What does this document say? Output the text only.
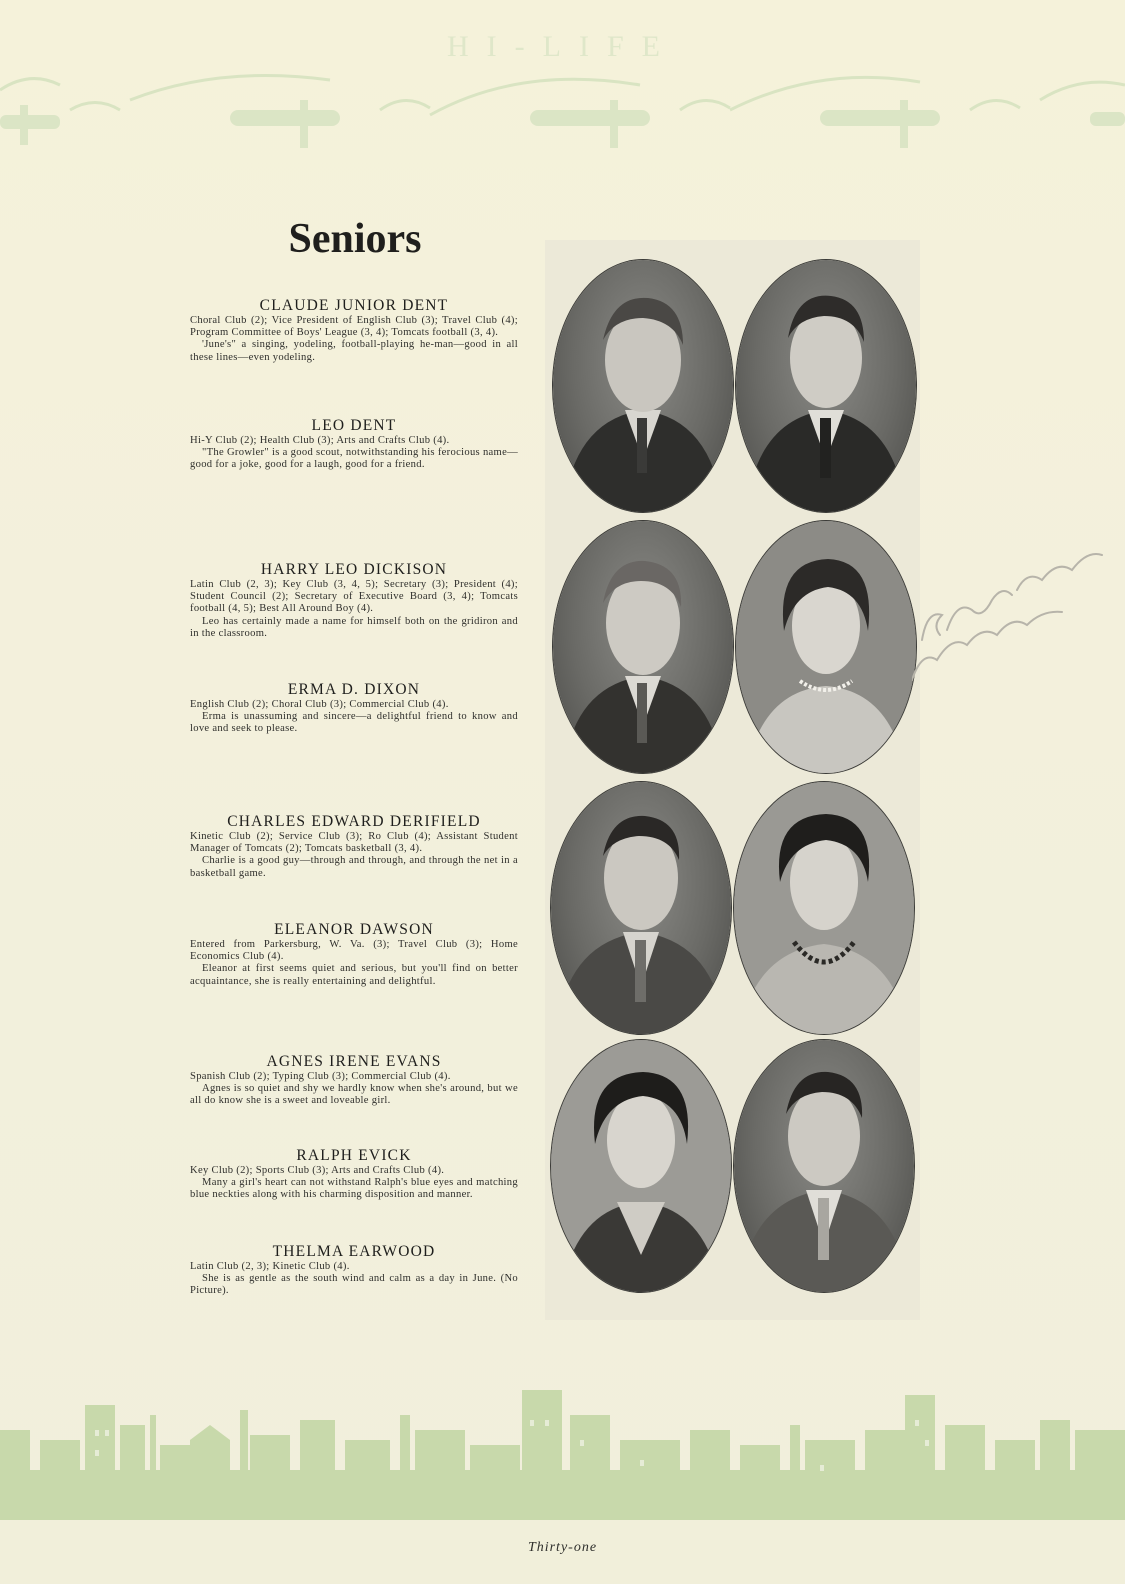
HI-LIFE
Seniors
CLAUDE JUNIOR DENT
Choral Club (2); Vice President of English Club (3); Travel Club (4); Program Committee of Boys' League (3, 4); Tomcats football (3, 4).
'June's" a singing, yodeling, football-playing he-man—good in all these lines—even yodeling.
LEO DENT
Hi-Y Club (2); Health Club (3); Arts and Crafts Club (4).
"The Growler" is a good scout, notwithstanding his ferocious name—good for a joke, good for a laugh, good for a friend.
HARRY LEO DICKISON
Latin Club (2, 3); Key Club (3, 4, 5); Secretary (3); President (4); Student Council (2); Secretary of Executive Board (3, 4); Tomcats football (4, 5); Best All Around Boy (4).
Leo has certainly made a name for himself both on the gridiron and in the classroom.
ERMA D. DIXON
English Club (2); Choral Club (3); Commercial Club (4).
Erma is unassuming and sincere—a delightful friend to know and love and seek to please.
CHARLES EDWARD DERIFIELD
Kinetic Club (2); Service Club (3); Ro Club (4); Assistant Student Manager of Tomcats (2); Tomcats basketball (3, 4).
Charlie is a good guy—through and through, and through the net in a basketball game.
ELEANOR DAWSON
Entered from Parkersburg, W. Va. (3); Travel Club (3); Home Economics Club (4).
Eleanor at first seems quiet and serious, but you'll find on better acquaintance, she is really entertaining and delightful.
AGNES IRENE EVANS
Spanish Club (2); Typing Club (3); Commercial Club (4).
Agnes is so quiet and shy we hardly know when she's around, but we all do know she is a sweet and loveable girl.
RALPH EVICK
Key Club (2); Sports Club (3); Arts and Crafts Club (4).
Many a girl's heart can not withstand Ralph's blue eyes and matching blue neckties along with his charming disposition and manner.
THELMA EARWOOD
Latin Club (2, 3); Kinetic Club (4).
She is as gentle as the south wind and calm as a day in June. (No Picture).
Thirty-one
